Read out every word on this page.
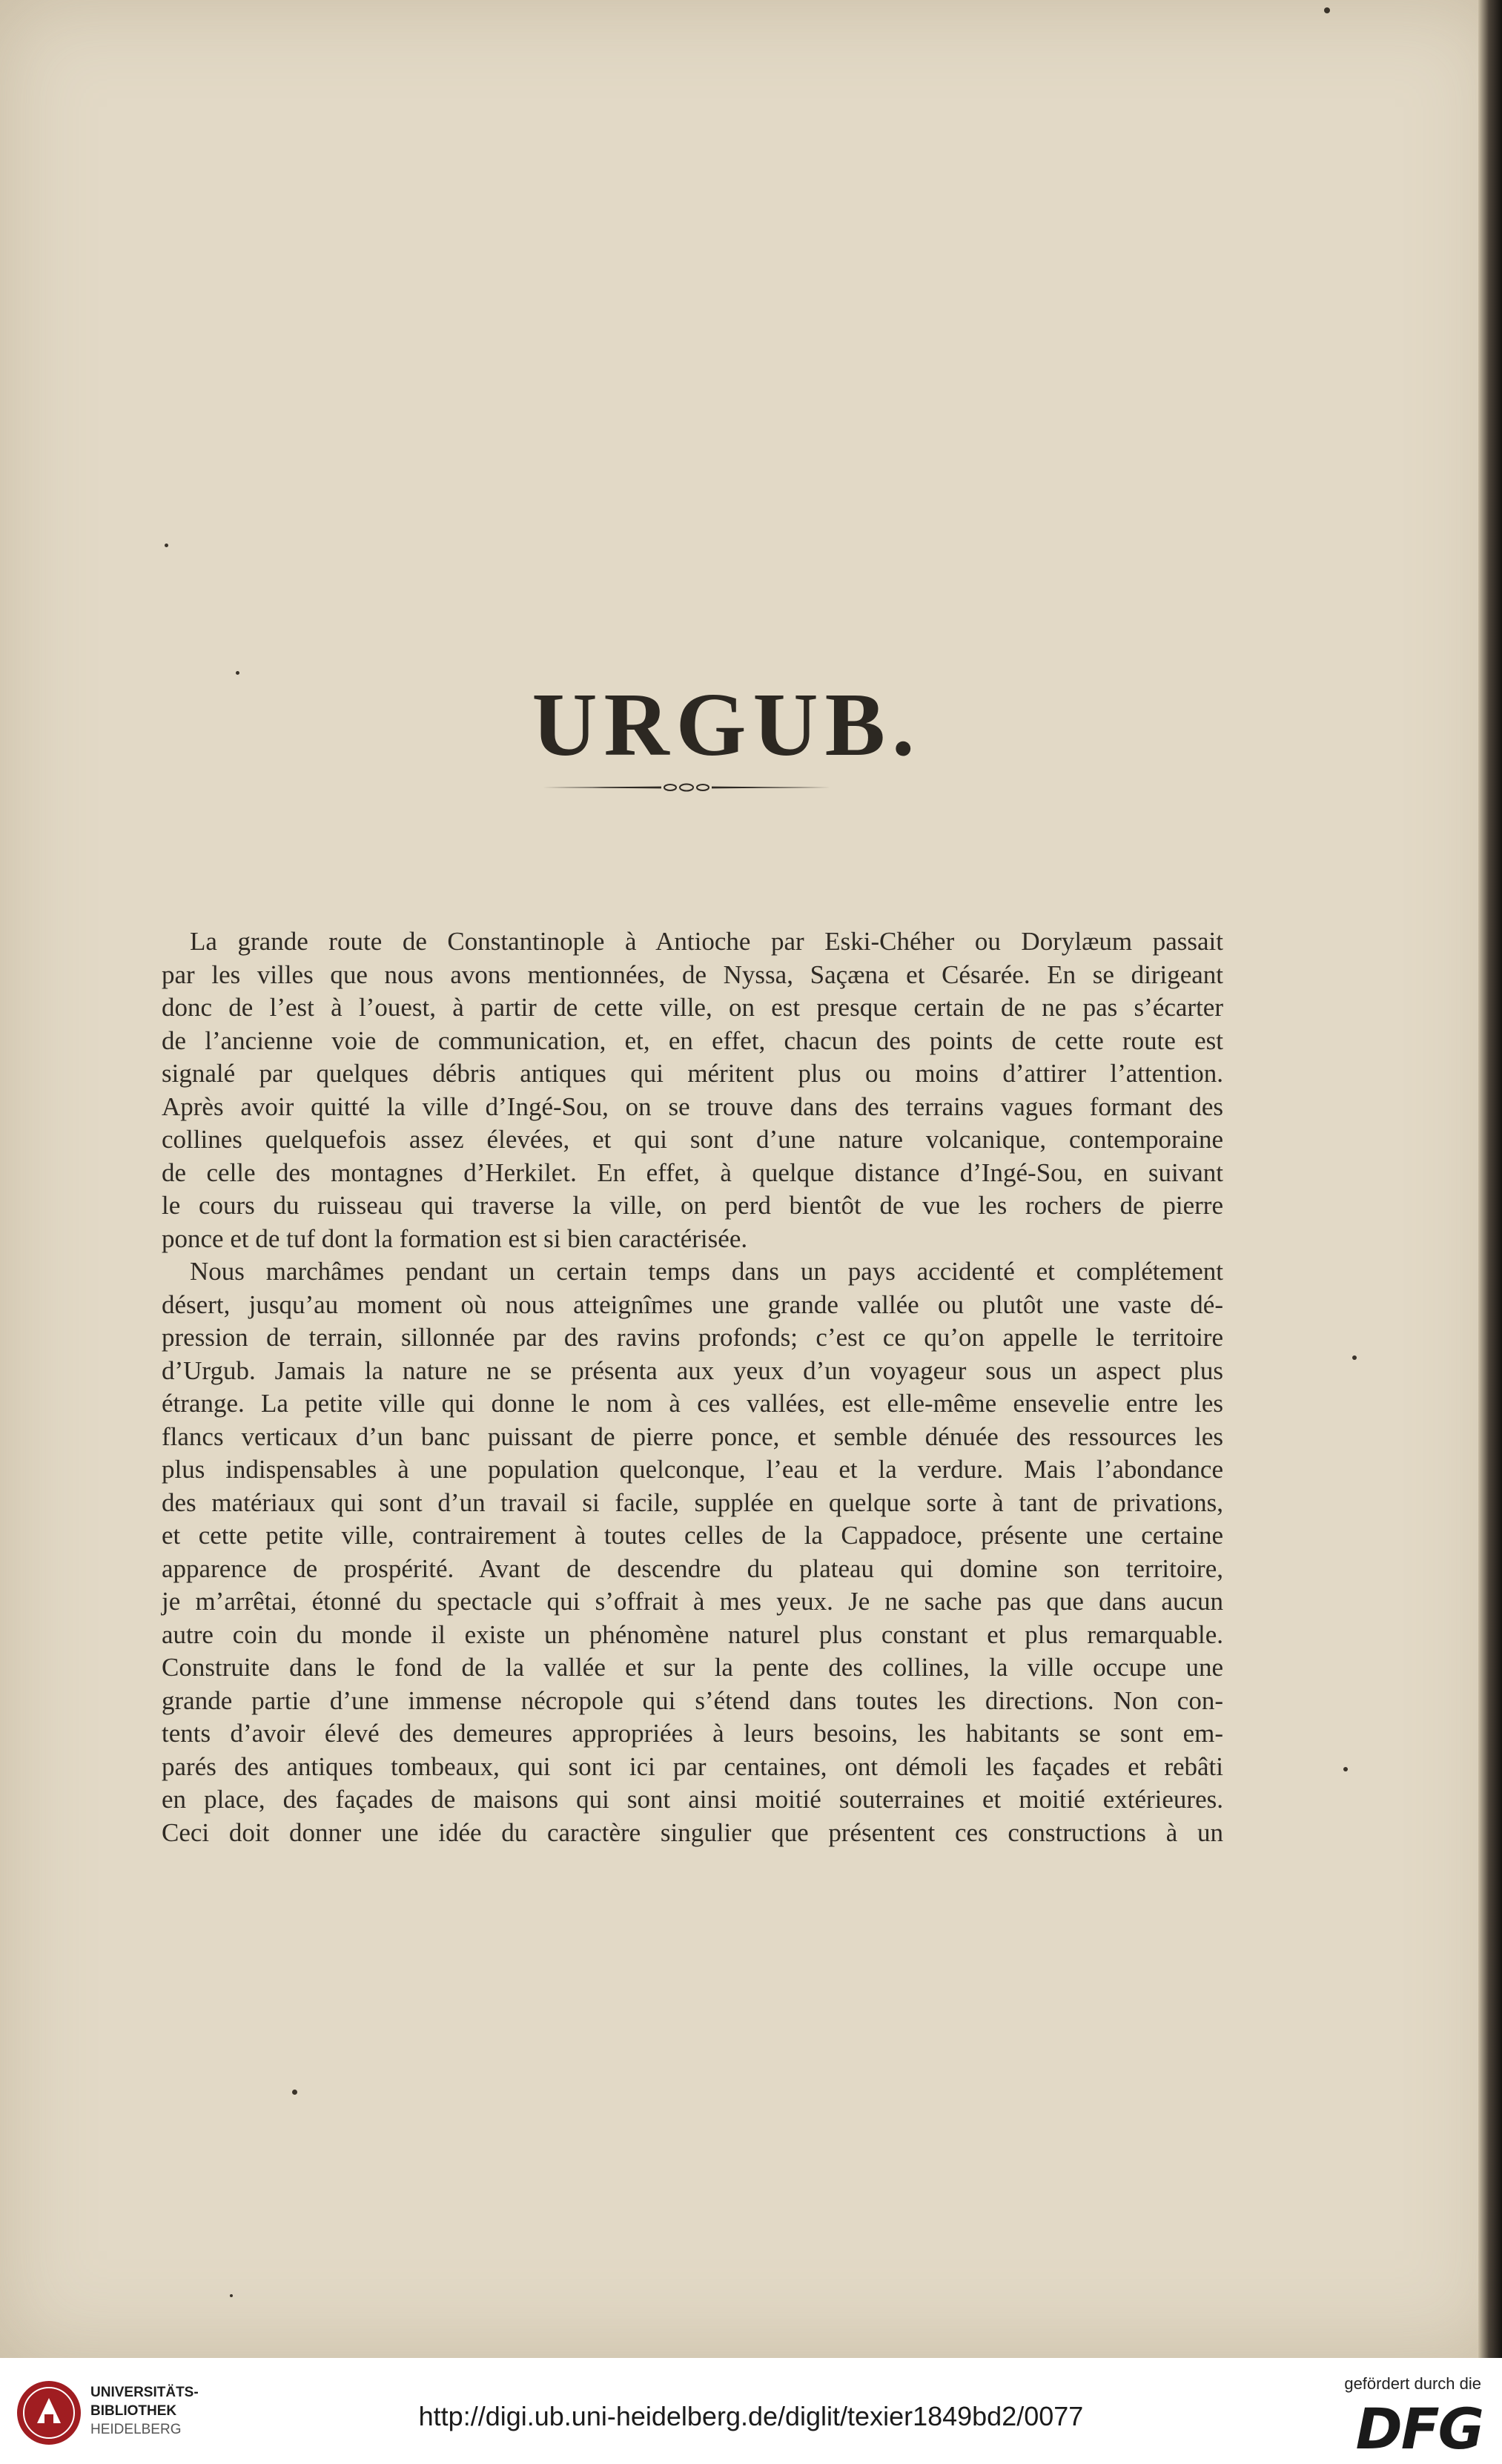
URGUB.
La grande route de Constantinople à Antioche par Eski-Chéher ou Dorylæum passait
par les villes que nous avons mentionnées, de Nyssa, Saçæna et Césarée. En se dirigeant
donc de l’est à l’ouest, à partir de cette ville, on est presque certain de ne pas s’écarter
de l’ancienne voie de communication, et, en effet, chacun des points de cette route est
signalé par quelques débris antiques qui méritent plus ou moins d’attirer l’attention.
Après avoir quitté la ville d’Ingé-Sou, on se trouve dans des terrains vagues formant des
collines quelquefois assez élevées, et qui sont d’une nature volcanique, contemporaine
de celle des montagnes d’Herkilet. En effet, à quelque distance d’Ingé-Sou, en suivant
le cours du ruisseau qui traverse la ville, on perd bientôt de vue les rochers de pierre
ponce et de tuf dont la formation est si bien caractérisée.
Nous marchâmes pendant un certain temps dans un pays accidenté et complétement
désert, jusqu’au moment où nous atteignîmes une grande vallée ou plutôt une vaste dé-
pression de terrain, sillonnée par des ravins profonds; c’est ce qu’on appelle le territoire
d’Urgub. Jamais la nature ne se présenta aux yeux d’un voyageur sous un aspect plus
étrange. La petite ville qui donne le nom à ces vallées, est elle-même ensevelie entre les
flancs verticaux d’un banc puissant de pierre ponce, et semble dénuée des ressources les
plus indispensables à une population quelconque, l’eau et la verdure. Mais l’abondance
des matériaux qui sont d’un travail si facile, supplée en quelque sorte à tant de privations,
et cette petite ville, contrairement à toutes celles de la Cappadoce, présente une certaine
apparence de prospérité. Avant de descendre du plateau qui domine son territoire,
je m’arrêtai, étonné du spectacle qui s’offrait à mes yeux. Je ne sache pas que dans aucun
autre coin du monde il existe un phénomène naturel plus constant et plus remarquable.
Construite dans le fond de la vallée et sur la pente des collines, la ville occupe une
grande partie d’une immense nécropole qui s’étend dans toutes les directions. Non con-
tents d’avoir élevé des demeures appropriées à leurs besoins, les habitants se sont em-
parés des antiques tombeaux, qui sont ici par centaines, ont démoli les façades et rebâti
en place, des façades de maisons qui sont ainsi moitié souterraines et moitié extérieures.
Ceci doit donner une idée du caractère singulier que présentent ces constructions à un
UNIVERSITÄTS-
BIBLIOTHEK
HEIDELBERG	http://digi.ub.uni-heidelberg.de/diglit/texier1849bd2/0077
gefördert durch die
DFG
